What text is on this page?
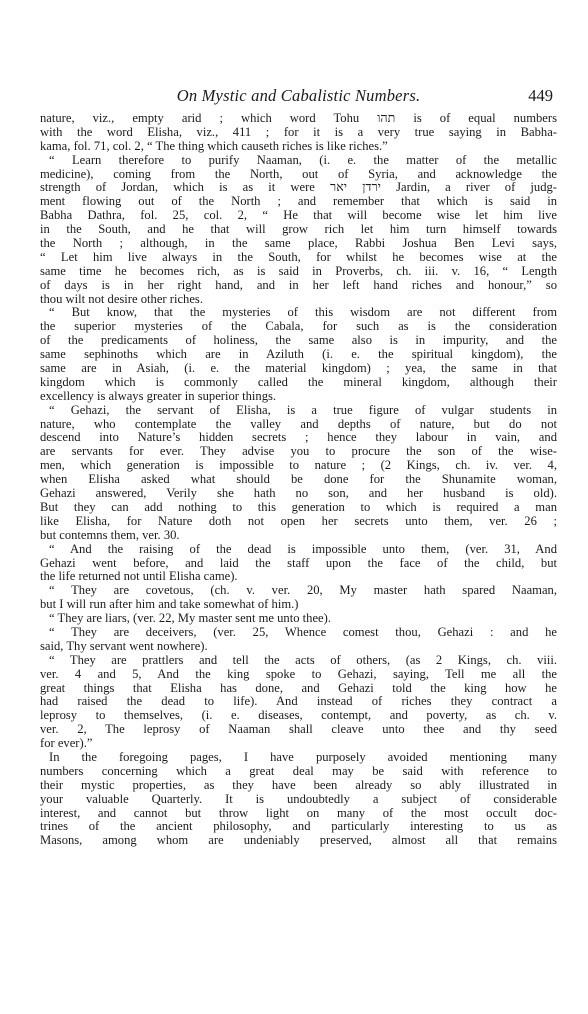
On Mystic and Cabalistic Numbers.	449
nature, viz., empty arid ; which word Tohu תהו is of equal numbers
with the word Elisha, viz., 411 ; for it is a very true saying in Babha-
kama, fol. 71, col. 2, “ The thing which causeth riches is like riches.”
“ Learn therefore to purify Naaman, (i. e. the matter of the metallic
medicine), coming from the North, out of Syria, and acknowledge the
strength of Jordan, which is as it were ירדן יאר Jardin, a river of judg-
ment flowing out of the North ; and remember that which is said in
Babha Dathra, fol. 25, col. 2, “ He that will become wise let him live
in the South, and he that will grow rich let him turn himself towards
the North ; although, in the same place, Rabbi Joshua Ben Levi says,
“ Let him live always in the South, for whilst he becomes wise at the
same time he becomes rich, as is said in Proverbs, ch. iii. v. 16, “ Length
of days is in her right hand, and in her left hand riches and honour,” so
thou wilt not desire other riches.
“ But know, that the mysteries of this wisdom are not different from
the superior mysteries of the Cabala, for such as is the consideration
of the predicaments of holiness, the same also is in impurity, and the
same sephinoths which are in Aziluth (i. e. the spiritual kingdom), the
same are in Asiah, (i. e. the material kingdom) ; yea, the same in that
kingdom which is commonly called the mineral kingdom, although their
excellency is always greater in superior things.
“ Gehazi, the servant of Elisha, is a true figure of vulgar students in
nature, who contemplate the valley and depths of nature, but do not
descend into Nature’s hidden secrets ; hence they labour in vain, and
are servants for ever. They advise you to procure the son of the wise-
men, which generation is impossible to nature ; (2 Kings, ch. iv. ver. 4,
when Elisha asked what should be done for the Shunamite woman,
Gehazi answered, Verily she hath no son, and her husband is old).
But they can add nothing to this generation to which is required a man
like Elisha, for Nature doth not open her secrets unto them, ver. 26 ;
but contemns them, ver. 30.
“ And the raising of the dead is impossible unto them, (ver. 31, And
Gehazi went before, and laid the staff upon the face of the child, but
the life returned not until Elisha came).
“ They are covetous, (ch. v. ver. 20, My master hath spared Naaman,
but I will run after him and take somewhat of him.)
“ They are liars, (ver. 22, My master sent me unto thee).
“ They are deceivers, (ver. 25, Whence comest thou, Gehazi : and he
said, Thy servant went nowhere).
“ They are prattlers and tell the acts of others, (as 2 Kings, ch. viii.
ver. 4 and 5, And the king spoke to Gehazi, saying, Tell me all the
great things that Elisha has done, and Gehazi told the king how he
had raised the dead to life). And instead of riches they contract a
leprosy to themselves, (i. e. diseases, contempt, and poverty, as ch. v.
ver. 2, The leprosy of Naaman shall cleave unto thee and thy seed
for ever).”
In the foregoing pages, I have purposely avoided mentioning many
numbers concerning which a great deal may be said with reference to
their mystic properties, as they have been already so ably illustrated in
your valuable Quarterly. It is undoubtedly a subject of considerable
interest, and cannot but throw light on many of the most occult doc-
trines of the ancient philosophy, and particularly interesting to us as
Masons, among whom are undeniably preserved, almost all that remains
